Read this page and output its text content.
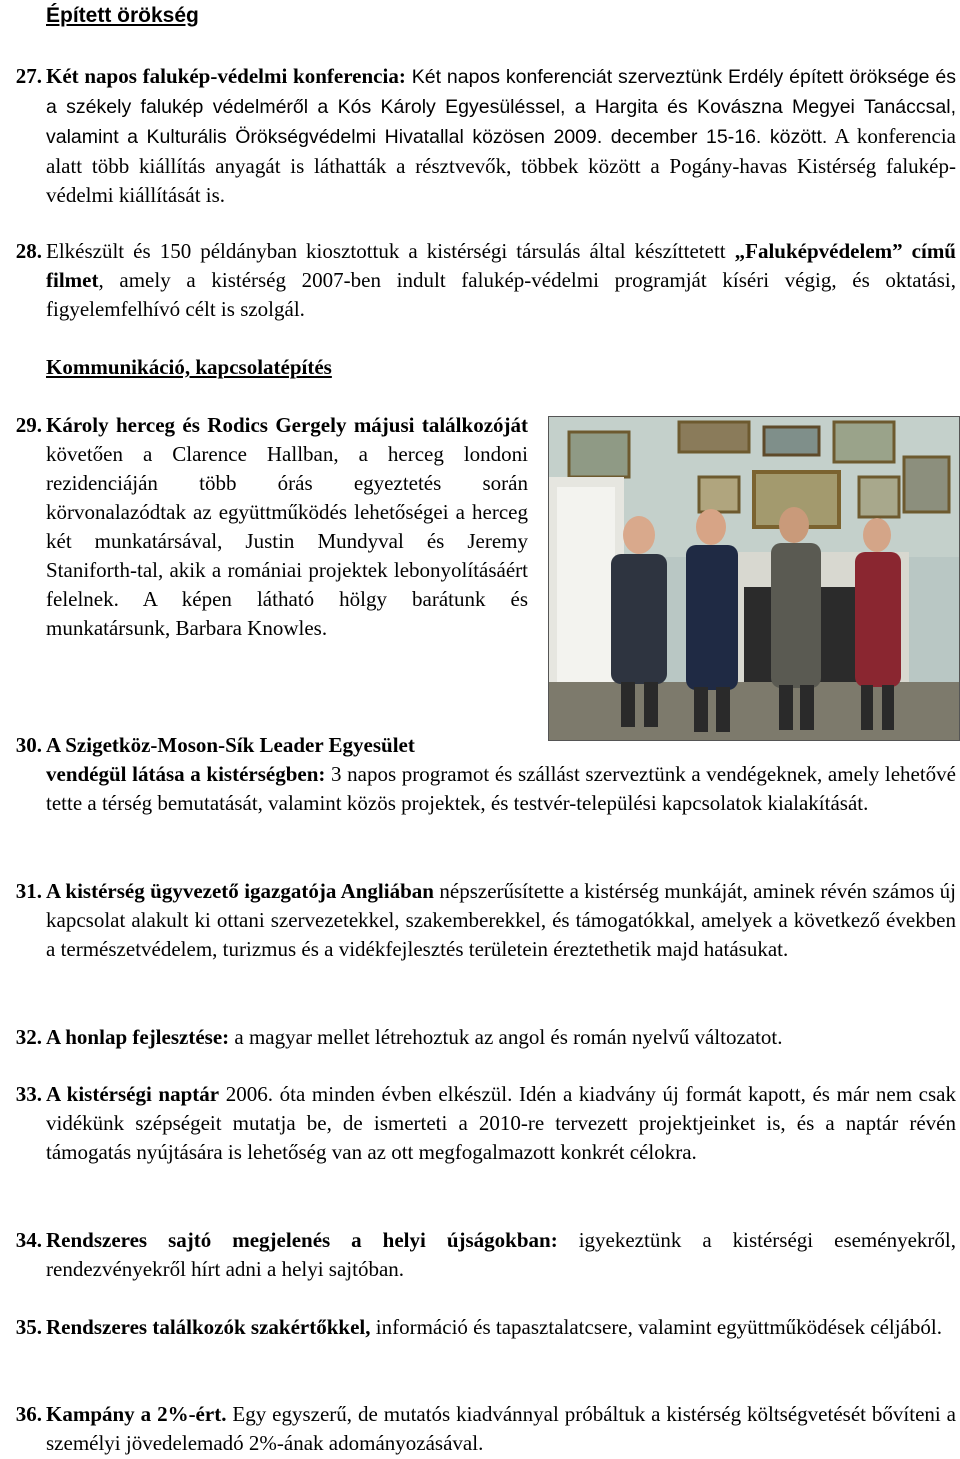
Épített örökség
27. Két napos falukép-védelmi konferencia: Két napos konferenciát szerveztünk Erdély épített öröksége és a székely falukép védelméről a Kós Károly Egyesüléssel, a Hargita és Kovászna Megyei Tanáccsal, valamint a Kulturális Örökségvédelmi Hivatallal közösen 2009. december 15-16. között. A konferencia alatt több kiállítás anyagát is láthatták a résztvevők, többek között a Pogány-havas Kistérség falukép-védelmi kiállítását is.
28. Elkészült és 150 példányban kiosztottuk a kistérségi társulás által készíttetett „Faluképvédelem” című filmet, amely a kistérség 2007-ben indult falukép-védelmi programját kíséri végig, és oktatási, figyelemfelhívó célt is szolgál.
Kommunikáció, kapcsolatépítés
29. Károly herceg és Rodics Gergely májusi találkozóját követően a Clarence Hallban, a herceg londoni rezidenciáján több órás egyeztetés során körvonalazódtak az együttműködés lehetőségei a herceg két munkatársával, Justin Mundyval és Jeremy Staniforth-tal, akik a romániai projektek lebonyolításáért felelnek. A képen látható hölgy barátunk és munkatársunk, Barbara Knowles.
30. A Szigetköz-Moson-Sík Leader Egyesület
vendégül látása a kistérségben: 3 napos programot és szállást szerveztünk a vendégeknek, amely lehetővé tette a térség bemutatását, valamint közös projektek, és testvér-települési kapcsolatok kialakítását.
31. A kistérség ügyvezető igazgatója Angliában népszerűsítette a kistérség munkáját, aminek révén számos új kapcsolat alakult ki ottani szervezetekkel, szakemberekkel, és támogatókkal, amelyek a következő években a természetvédelem, turizmus és a vidékfejlesztés területein éreztethetik majd hatásukat.
32. A honlap fejlesztése: a magyar mellet létrehoztuk az angol és román nyelvű változatot.
33. A kistérségi naptár 2006. óta minden évben elkészül. Idén a kiadvány új formát kapott, és már nem csak vidékünk szépségeit mutatja be, de ismerteti a 2010-re tervezett projektjeinket is, és a naptár révén támogatás nyújtására is lehetőség van az ott megfogalmazott konkrét célokra.
34. Rendszeres sajtó megjelenés a helyi újságokban: igyekeztünk a kistérségi eseményekről, rendezvényekről hírt adni a helyi sajtóban.
35. Rendszeres találkozók szakértőkkel, információ és tapasztalatcsere, valamint együttműködések céljából.
36. Kampány a 2%-ért. Egy egyszerű, de mutatós kiadvánnyal próbáltuk a kistérség költségvetését bővíteni a személyi jövedelemadó 2%-ának adományozásával.
